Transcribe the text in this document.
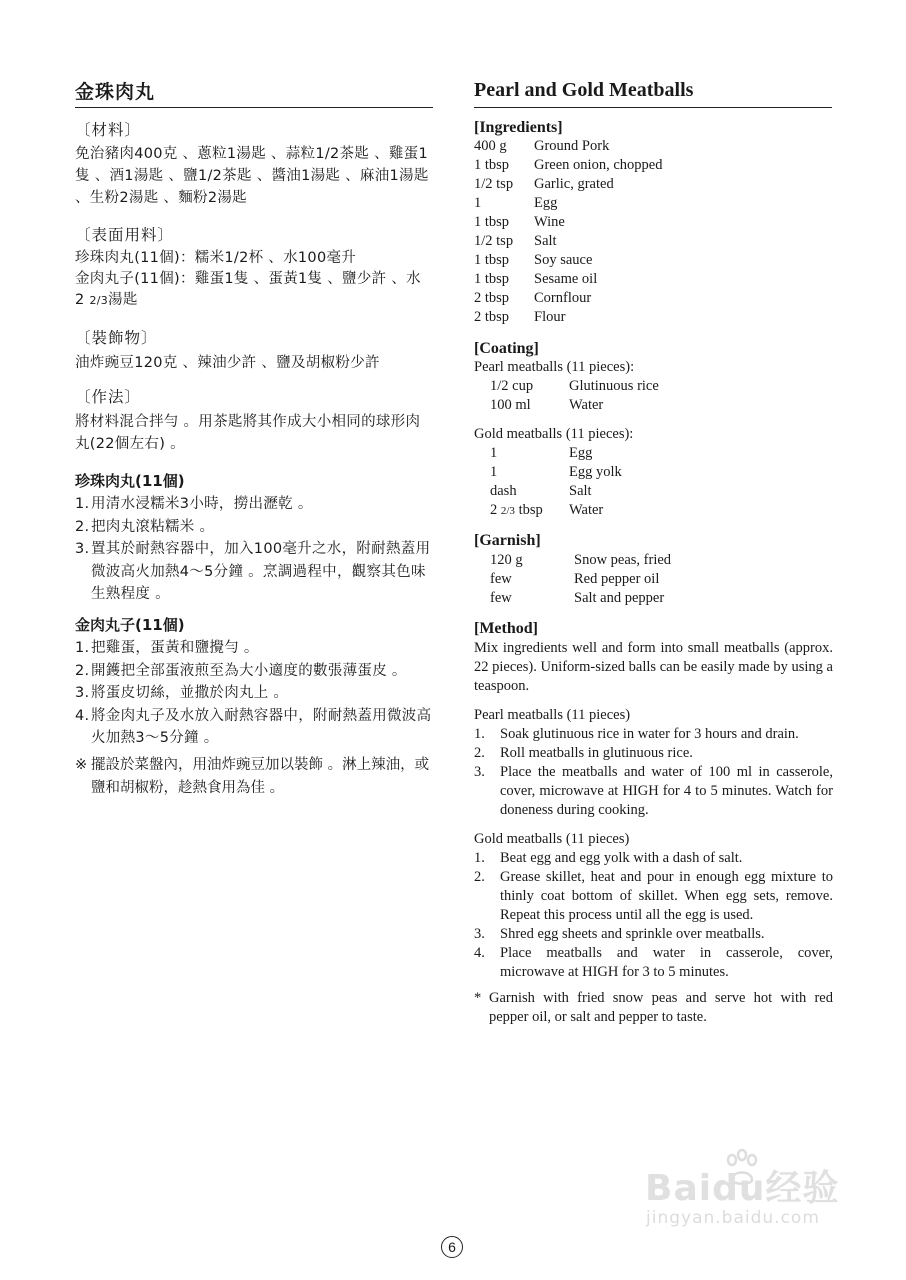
金珠肉丸
〔材料〕
免治豬肉400克 、蔥粒1湯匙 、蒜粒1/2茶匙 、雞蛋1隻 、酒1湯匙 、鹽1/2茶匙 、醬油1湯匙 、麻油1湯匙 、生粉2湯匙 、麵粉2湯匙
〔表面用料〕
珍珠肉丸(11個)：糯米1/2杯 、水100毫升
金肉丸子(11個)：雞蛋1隻 、蛋黃1隻 、鹽少許 、水
2 2/3湯匙
〔裝飾物〕
油炸豌豆120克 、辣油少許 、鹽及胡椒粉少許
〔作法〕
將材料混合拌勻 。用茶匙將其作成大小相同的球形肉丸(22個左右) 。
珍珠肉丸(11個)
1. 用清水浸糯米3小時，撈出瀝乾 。
2. 把肉丸滾粘糯米 。
3. 置其於耐熱容器中，加入100毫升之水，附耐熱蓋用微波高火加熱4～5分鐘 。烹調過程中，觀察其色味生熟程度 。
金肉丸子(11個)
1. 把雞蛋，蛋黃和鹽攪勻 。
2. 開鑊把全部蛋液煎至為大小適度的數張薄蛋皮 。
3. 將蛋皮切絲，並撒於肉丸上 。
4. 將金肉丸子及水放入耐熱容器中，附耐熱蓋用微波高火加熱3～5分鐘 。
※ 擺設於菜盤內，用油炸豌豆加以裝飾 。淋上辣油，或鹽和胡椒粉，趁熱食用為佳 。
Pearl and Gold Meatballs
[Ingredients]
400 g	Ground Pork
1 tbsp	Green onion, chopped
1/2 tsp	Garlic, grated
1	Egg
1 tbsp	Wine
1/2 tsp	Salt
1 tbsp	Soy sauce
1 tbsp	Sesame oil
2 tbsp	Cornflour
2 tbsp	Flour
[Coating]
Pearl meatballs (11 pieces):
1/2 cup	Glutinuous rice
100 ml	Water
Gold meatballs (11 pieces):
1	Egg
1	Egg yolk
dash	Salt
2 2/3 tbsp	Water
[Garnish]
120 g	Snow peas, fried
few	Red pepper oil
few	Salt and pepper
[Method]
Mix ingredients well and form into small meatballs (approx. 22 pieces). Uniform-sized balls can be easily made by using a teaspoon.
Pearl meatballs (11 pieces)
1. Soak glutinuous rice in water for 3 hours and drain.
2. Roll meatballs in glutinuous rice.
3. Place the meatballs and water of 100 ml in casserole, cover, microwave at HIGH for 4 to 5 minutes. Watch for doneness during cooking.
Gold meatballs (11 pieces)
1. Beat egg and egg yolk with a dash of salt.
2. Grease skillet, heat and pour in enough egg mixture to thinly coat bottom of skillet. When egg sets, remove. Repeat this process until all the egg is used.
3. Shred egg sheets and sprinkle over meatballs.
4. Place meatballs and water in casserole, cover, microwave at HIGH for 3 to 5 minutes.
* Garnish with fried snow peas and serve hot with red pepper oil, or salt and pepper to taste.
Baidu经验
jingyan.baidu.com
6
